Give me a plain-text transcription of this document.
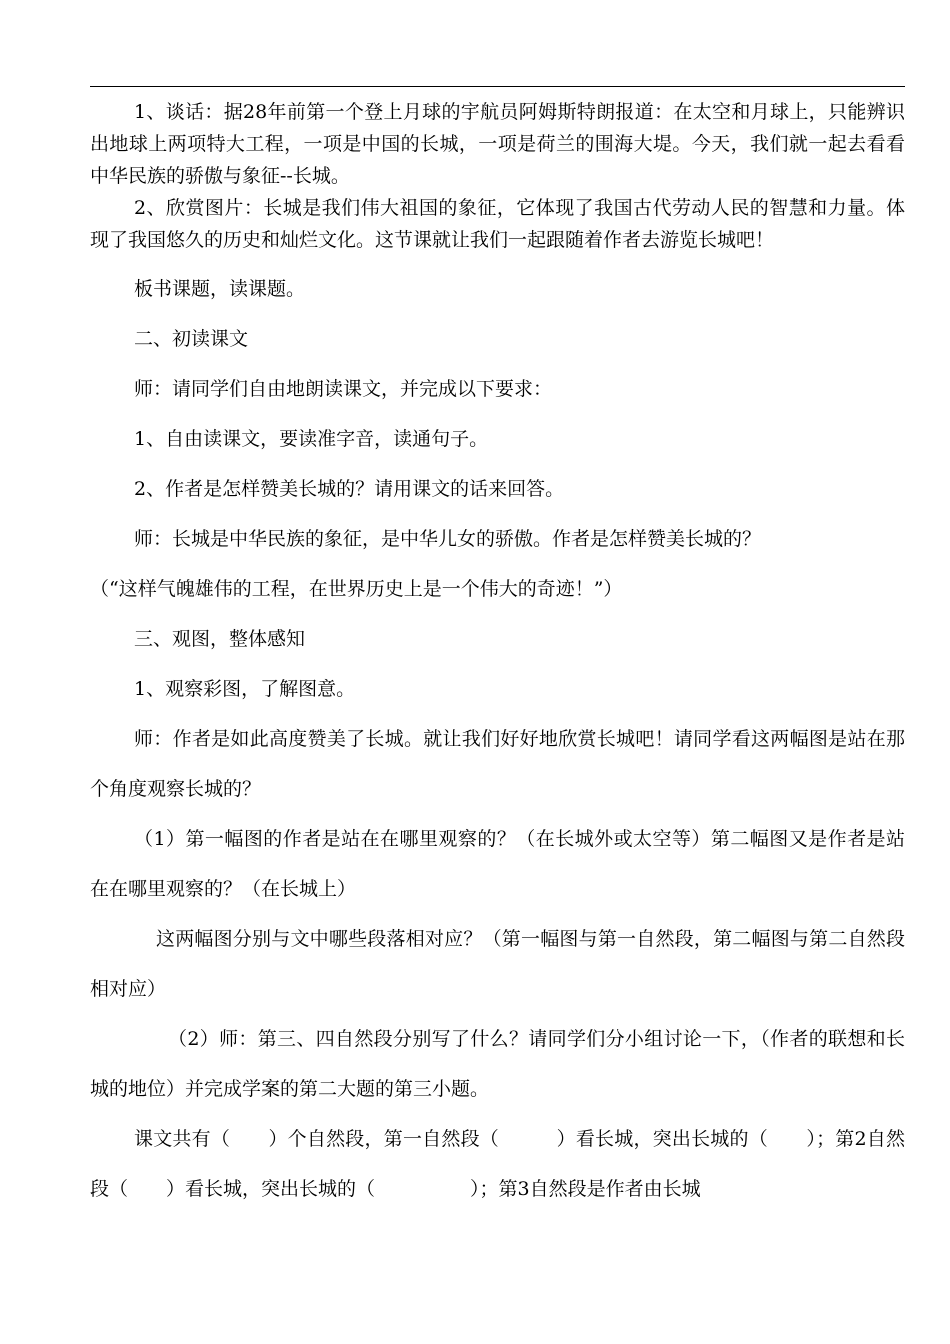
1、谈话：据28年前第一个登上月球的宇航员阿姆斯特朗报道：在太空和月球上，只能辨识出地球上两项特大工程，一项是中国的长城，一项是荷兰的围海大堤。今天，我们就一起去看看中华民族的骄傲与象征--长城。

2、欣赏图片：长城是我们伟大祖国的象征，它体现了我国古代劳动人民的智慧和力量。体现了我国悠久的历史和灿烂文化。这节课就让我们一起跟随着作者去游览长城吧！

板书课题，读课题。

二、初读课文

师：请同学们自由地朗读课文，并完成以下要求：

1、自由读课文，要读准字音，读通句子。

2、作者是怎样赞美长城的？请用课文的话来回答。

师：长城是中华民族的象征，是中华儿女的骄傲。作者是怎样赞美长城的？

（“这样气魄雄伟的工程，在世界历史上是一个伟大的奇迹！”）

三、观图，整体感知

1、观察彩图，了解图意。

师：作者是如此高度赞美了长城。就让我们好好地欣赏长城吧！请同学看这两幅图是站在那个角度观察长城的？

（1）第一幅图的作者是站在在哪里观察的？（在长城外或太空等）第二幅图又是作者是站在在哪里观察的？（在长城上）

这两幅图分别与文中哪些段落相对应？（第一幅图与第一自然段，第二幅图与第二自然段相对应）

（2）师：第三、四自然段分别写了什么？请同学们分小组讨论一下，（作者的联想和长城的地位）并完成学案的第二大题的第三小题。

课文共有（　　）个自然段，第一自然段（　　　）看长城，突出长城的（　　）；第2自然段（　　）看长城，突出长城的（　　　　　）；第3自然段是作者由长城
